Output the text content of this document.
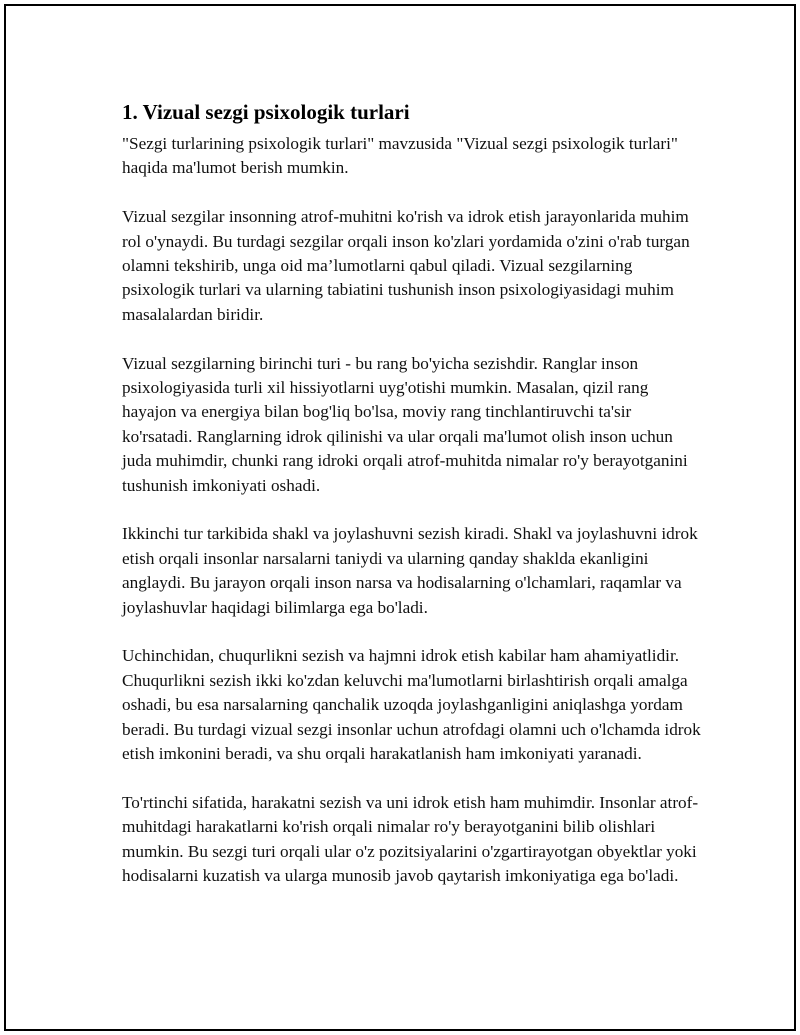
1. Vizual sezgi psixologik turlari

"Sezgi turlarining psixologik turlari" mavzusida "Vizual sezgi psixologik turlari" haqida ma'lumot berish mumkin.

Vizual sezgilar insonning atrof-muhitni ko'rish va idrok etish jarayonlarida muhim rol o'ynaydi. Bu turdagi sezgilar orqali inson ko'zlari yordamida o'zini o'rab turgan olamni tekshirib, unga oid ma’lumotlarni qabul qiladi. Vizual sezgilarning psixologik turlari va ularning tabiatini tushunish inson psixologiyasidagi muhim masalalardan biridir.

Vizual sezgilarning birinchi turi - bu rang bo'yicha sezishdir. Ranglar inson psixologiyasida turli xil hissiyotlarni uyg'otishi mumkin. Masalan, qizil rang hayajon va energiya bilan bog'liq bo'lsa, moviy rang tinchlantiruvchi ta'sir ko'rsatadi. Ranglarning idrok qilinishi va ular orqali ma'lumot olish inson uchun juda muhimdir, chunki rang idroki orqali atrof-muhitda nimalar ro'y berayotganini tushunish imkoniyati oshadi.

Ikkinchi tur tarkibida shakl va joylashuvni sezish kiradi. Shakl va joylashuvni idrok etish orqali insonlar narsalarni taniydi va ularning qanday shaklda ekanligini anglaydi. Bu jarayon orqali inson narsa va hodisalarning o'lchamlari, raqamlar va joylashuvlar haqidagi bilimlarga ega bo'ladi.

Uchinchidan, chuqurlikni sezish va hajmni idrok etish kabilar ham ahamiyatlidir. Chuqurlikni sezish ikki ko'zdan keluvchi ma'lumotlarni birlashtirish orqali amalga oshadi, bu esa narsalarning qanchalik uzoqda joylashganligini aniqlashga yordam beradi. Bu turdagi vizual sezgi insonlar uchun atrofdagi olamni uch o'lchamda idrok etish imkonini beradi, va shu orqali harakatlanish ham imkoniyati yaranadi.

To'rtinchi sifatida, harakatni sezish va uni idrok etish ham muhimdir. Insonlar atrof-muhitdagi harakatlarni ko'rish orqali nimalar ro'y berayotganini bilib olishlari mumkin. Bu sezgi turi orqali ular o'z pozitsiyalarini o'zgartirayotgan obyektlar yoki hodisalarni kuzatish va ularga munosib javob qaytarish imkoniyatiga ega bo'ladi.
